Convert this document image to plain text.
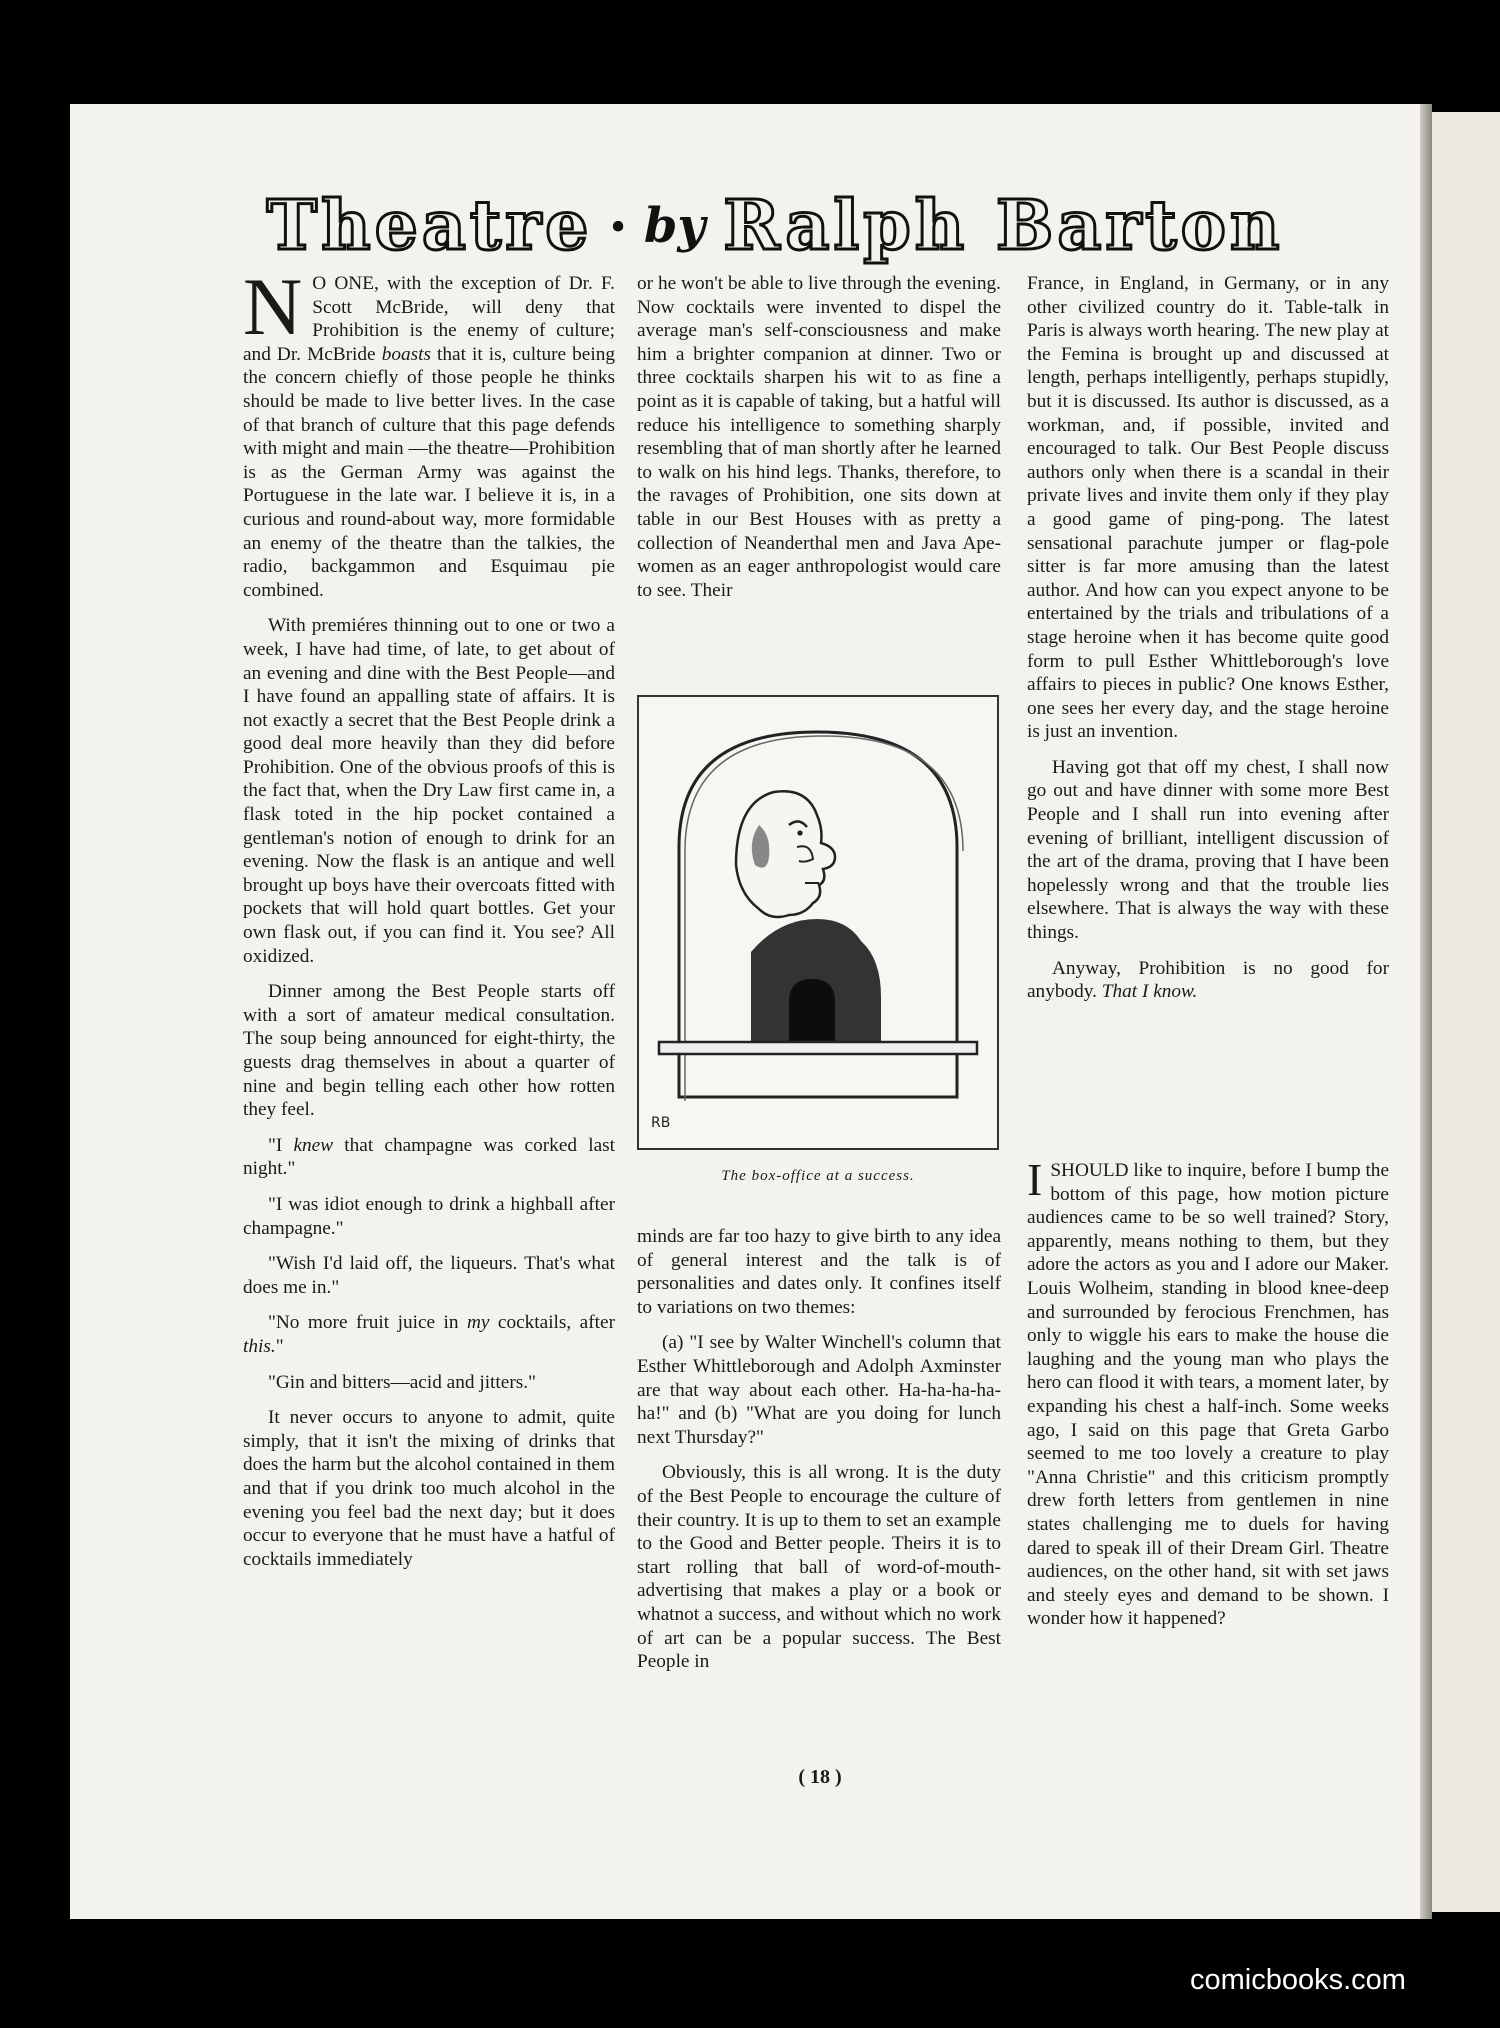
Theatre • by Ralph Barton

N O ONE, with the exception of Dr. F. Scott McBride, will deny that Prohibition is the enemy of culture; and Dr. McBride boasts that it is, culture being the concern chiefly of those people he thinks should be made to live better lives. In the case of that branch of culture that this page defends with might and main —the theatre—Prohibition is as the German Army was against the Portuguese in the late war. I believe it is, in a curious and round-about way, more formidable an enemy of the theatre than the talkies, the radio, backgammon and Esquimau pie combined.

With premiéres thinning out to one or two a week, I have had time, of late, to get about of an evening and dine with the Best People—and I have found an appalling state of affairs. It is not exactly a secret that the Best People drink a good deal more heavily than they did before Prohibition. One of the obvious proofs of this is the fact that, when the Dry Law first came in, a flask toted in the hip pocket contained a gentleman's notion of enough to drink for an evening. Now the flask is an antique and well brought up boys have their overcoats fitted with pockets that will hold quart bottles. Get your own flask out, if you can find it. You see? All oxidized.

Dinner among the Best People starts off with a sort of amateur medical consultation. The soup being announced for eight-thirty, the guests drag themselves in about a quarter of nine and begin telling each other how rotten they feel.

"I knew that champagne was corked last night."

"I was idiot enough to drink a highball after champagne."

"Wish I'd laid off, the liqueurs. That's what does me in."

"No more fruit juice in my cocktails, after this."

"Gin and bitters—acid and jitters."

It never occurs to anyone to admit, quite simply, that it isn't the mixing of drinks that does the harm but the alcohol contained in them and that if you drink too much alcohol in the evening you feel bad the next day; but it does occur to everyone that he must have a hatful of cocktails immediately

or he won't be able to live through the evening. Now cocktails were invented to dispel the average man's self-consciousness and make him a brighter companion at dinner. Two or three cocktails sharpen his wit to as fine a point as it is capable of taking, but a hatful will reduce his intelligence to something sharply resembling that of man shortly after he learned to walk on his hind legs. Thanks, therefore, to the ravages of Prohibition, one sits down at table in our Best Houses with as pretty a collection of Neanderthal men and Java Ape-women as an eager anthropologist would care to see. Their

RB
The box-office at a success.

minds are far too hazy to give birth to any idea of general interest and the talk is of personalities and dates only. It confines itself to variations on two themes:

(a) "I see by Walter Winchell's column that Esther Whittleborough and Adolph Axminster are that way about each other. Ha-ha-ha-ha-ha!" and (b) "What are you doing for lunch next Thursday?"

Obviously, this is all wrong. It is the duty of the Best People to encourage the culture of their country. It is up to them to set an example to the Good and Better people. Theirs it is to start rolling that ball of word-of-mouth-advertising that makes a play or a book or whatnot a success, and without which no work of art can be a popular success. The Best People in

France, in England, in Germany, or in any other civilized country do it. Table-talk in Paris is always worth hearing. The new play at the Femina is brought up and discussed at length, perhaps intelligently, perhaps stupidly, but it is discussed. Its author is discussed, as a workman, and, if possible, invited and encouraged to talk. Our Best People discuss authors only when there is a scandal in their private lives and invite them only if they play a good game of ping-pong. The latest sensational parachute jumper or flag-pole sitter is far more amusing than the latest author. And how can you expect anyone to be entertained by the trials and tribulations of a stage heroine when it has become quite good form to pull Esther Whittleborough's love affairs to pieces in public? One knows Esther, one sees her every day, and the stage heroine is just an invention.

Having got that off my chest, I shall now go out and have dinner with some more Best People and I shall run into evening after evening of brilliant, intelligent discussion of the art of the drama, proving that I have been hopelessly wrong and that the trouble lies elsewhere. That is always the way with these things.

Anyway, Prohibition is no good for anybody. That I know.

ISHOULD like to inquire, before I bump the bottom of this page, how motion picture audiences came to be so well trained? Story, apparently, means nothing to them, but they adore the actors as you and I adore our Maker. Louis Wolheim, standing in blood knee-deep and surrounded by ferocious Frenchmen, has only to wiggle his ears to make the house die laughing and the young man who plays the hero can flood it with tears, a moment later, by expanding his chest a half-inch. Some weeks ago, I said on this page that Greta Garbo seemed to me too lovely a creature to play "Anna Christie" and this criticism promptly drew forth letters from gentlemen in nine states challenging me to duels for having dared to speak ill of their Dream Girl. Theatre audiences, on the other hand, sit with set jaws and steely eyes and demand to be shown. I wonder how it happened?

( 18 )
comicbooks.com
